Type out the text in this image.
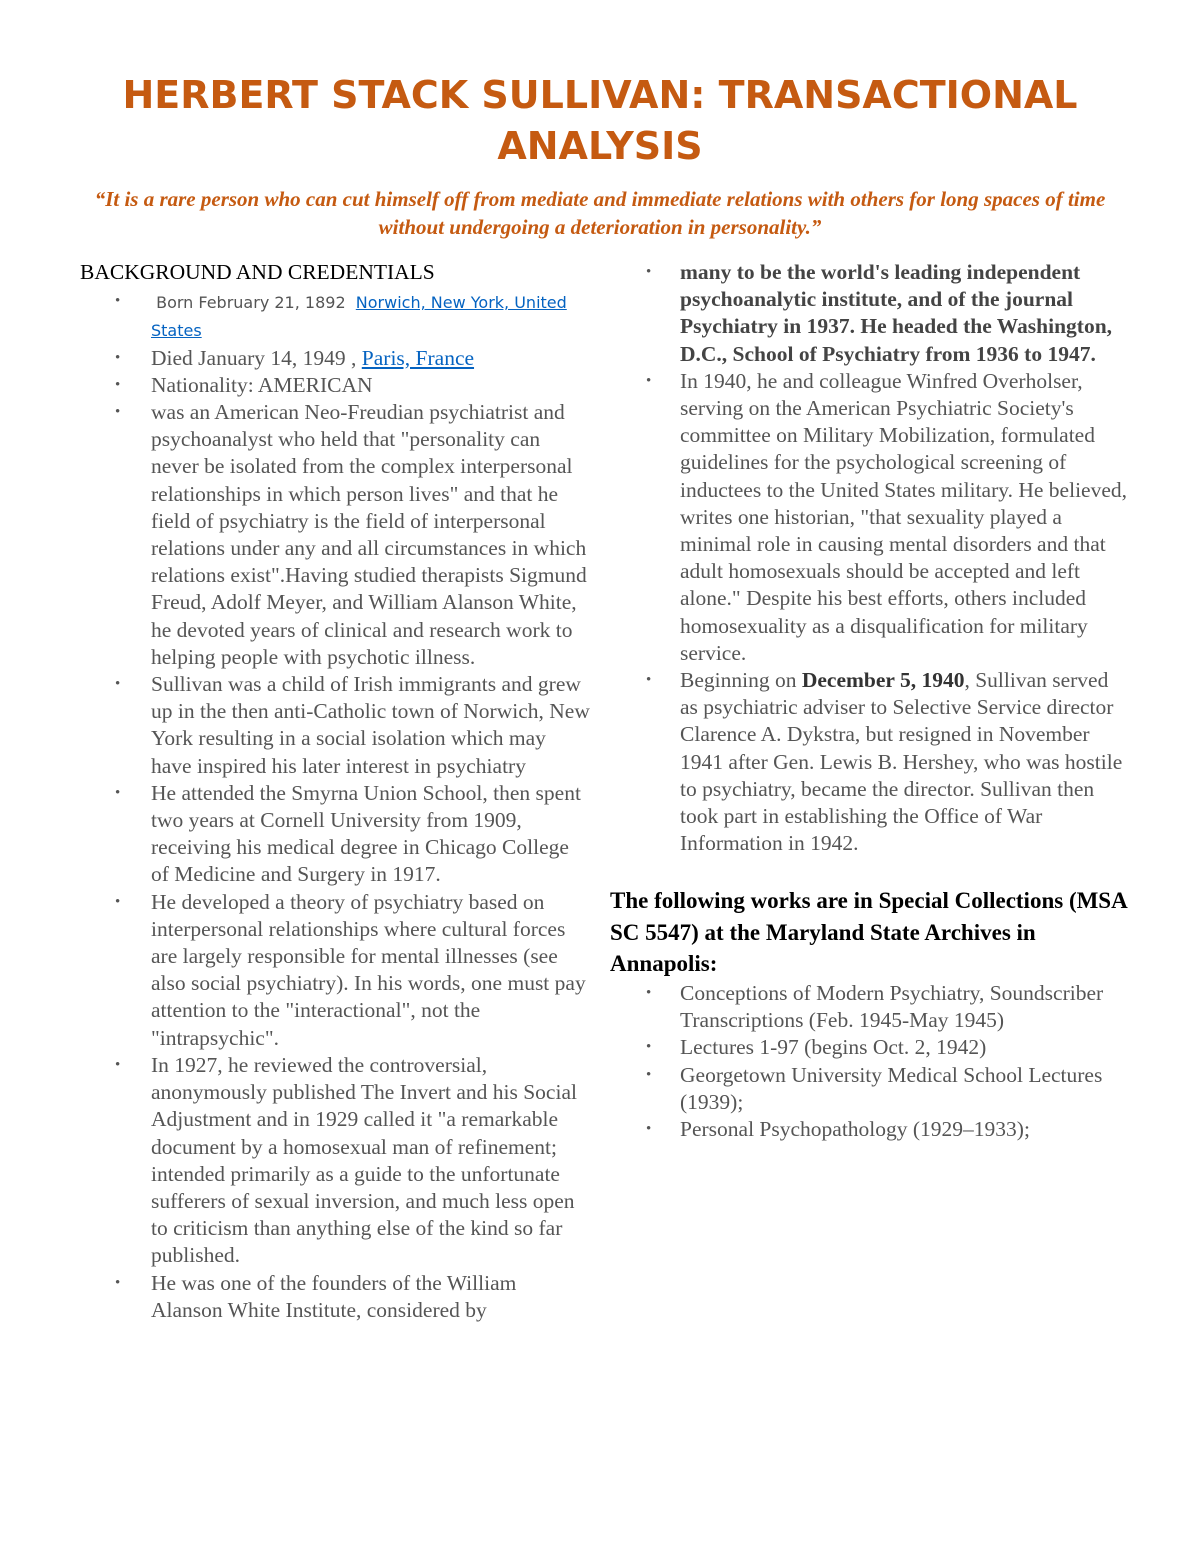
HERBERT STACK SULLIVAN: TRANSACTIONAL ANALYSIS

“It is a rare person who can cut himself off from mediate and immediate relations with others for long spaces of time without undergoing a deterioration in personality.”

BACKGROUND AND CREDENTIALS
• Born February 21, 1892 Norwich, New York, United States
• Died January 14, 1949 , Paris, France
• Nationality: AMERICAN
• was an American Neo-Freudian psychiatrist and psychoanalyst who held that "personality can never be isolated from the complex interpersonal relationships in which person lives" and that he field of psychiatry is the field of interpersonal relations under any and all circumstances in which relations exist".Having studied therapists Sigmund Freud, Adolf Meyer, and William Alanson White, he devoted years of clinical and research work to helping people with psychotic illness.
• Sullivan was a child of Irish immigrants and grew up in the then anti-Catholic town of Norwich, New York resulting in a social isolation which may have inspired his later interest in psychiatry
• He attended the Smyrna Union School, then spent two years at Cornell University from 1909, receiving his medical degree in Chicago College of Medicine and Surgery in 1917.
• He developed a theory of psychiatry based on interpersonal relationships where cultural forces are largely responsible for mental illnesses (see also social psychiatry). In his words, one must pay attention to the "interactional", not the "intrapsychic".
• In 1927, he reviewed the controversial, anonymously published The Invert and his Social Adjustment and in 1929 called it "a remarkable document by a homosexual man of refinement; intended primarily as a guide to the unfortunate sufferers of sexual inversion, and much less open to criticism than anything else of the kind so far published.
• He was one of the founders of the William Alanson White Institute, considered by
• many to be the world's leading independent psychoanalytic institute, and of the journal Psychiatry in 1937. He headed the Washington, D.C., School of Psychiatry from 1936 to 1947.
• In 1940, he and colleague Winfred Overholser, serving on the American Psychiatric Society's committee on Military Mobilization, formulated guidelines for the psychological screening of inductees to the United States military. He believed, writes one historian, "that sexuality played a minimal role in causing mental disorders and that adult homosexuals should be accepted and left alone." Despite his best efforts, others included homosexuality as a disqualification for military service.
• Beginning on December 5, 1940, Sullivan served as psychiatric adviser to Selective Service director Clarence A. Dykstra, but resigned in November 1941 after Gen. Lewis B. Hershey, who was hostile to psychiatry, became the director. Sullivan then took part in establishing the Office of War Information in 1942.
The following works are in Special Collections (MSA SC 5547) at the Maryland State Archives in Annapolis:
• Conceptions of Modern Psychiatry, Soundscriber Transcriptions (Feb. 1945-May 1945)
• Lectures 1-97 (begins Oct. 2, 1942)
• Georgetown University Medical School Lectures (1939);
• Personal Psychopathology (1929–1933);
